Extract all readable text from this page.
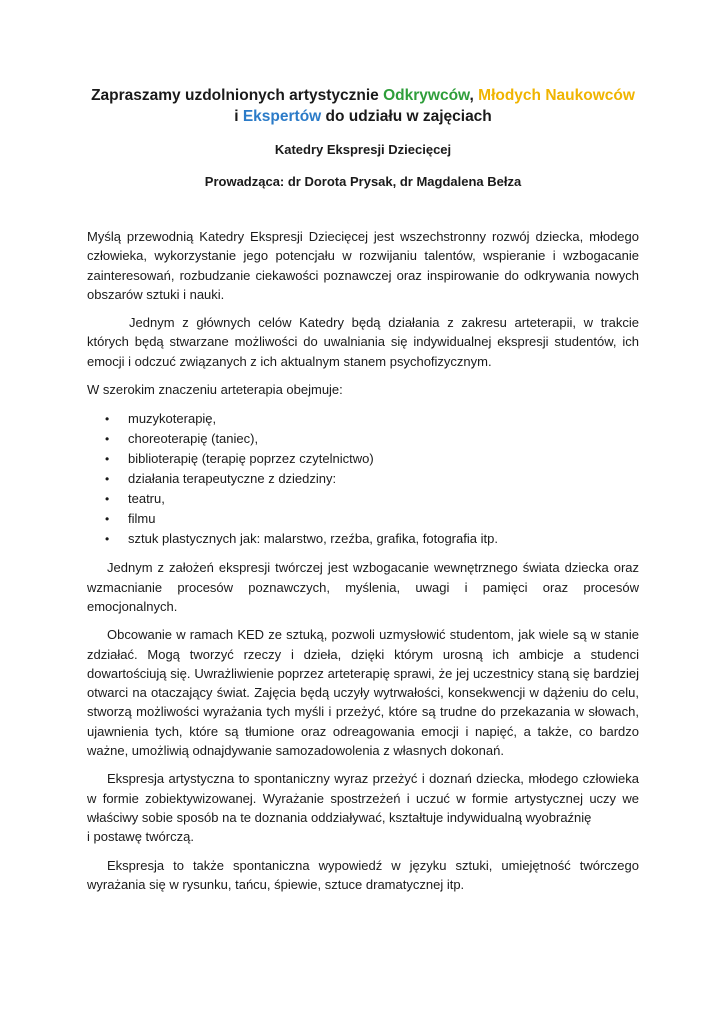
Zapraszamy uzdolnionych artystycznie Odkrywców, Młodych Naukowców
i Ekspertów do udziału w zajęciach

Katedry Ekspresji Dziecięcej

Prowadząca: dr Dorota Prysak, dr Magdalena Bełza

Myślą przewodnią Katedry Ekspresji Dziecięcej jest wszechstronny rozwój dziecka, młodego człowieka, wykorzystanie jego potencjału w rozwijaniu talentów, wspieranie i wzbogacanie zainteresowań, rozbudzanie ciekawości poznawczej oraz inspirowanie do odkrywania nowych obszarów sztuki i nauki.

Jednym z głównych celów Katedry będą działania z zakresu arteterapii, w trakcie których będą stwarzane możliwości do uwalniania się indywidualnej ekspresji studentów, ich emocji i odczuć związanych z ich aktualnym stanem psychofizycznym.

W szerokim znaczeniu arteterapia obejmuje:

• muzykoterapię,
• choreoterapię (taniec),
• biblioterapię (terapię poprzez czytelnictwo)
• działania terapeutyczne z dziedziny:
• teatru,
• filmu
• sztuk plastycznych jak: malarstwo, rzeźba, grafika, fotografia itp.

Jednym z założeń ekspresji twórczej jest wzbogacanie wewnętrznego świata dziecka oraz wzmacnianie procesów poznawczych, myślenia, uwagi i pamięci oraz procesów emocjonalnych.

Obcowanie w ramach KED ze sztuką, pozwoli uzmysłowić studentom, jak wiele są w stanie zdziałać. Mogą tworzyć rzeczy i dzieła, dzięki którym urosną ich ambicje a studenci dowartościują się. Uwrażliwienie poprzez arteterapię sprawi, że jej uczestnicy staną się bardziej otwarci na otaczający świat. Zajęcia będą uczyły wytrwałości, konsekwencji w dążeniu do celu, stworzą możliwości wyrażania tych myśli i przeżyć, które są trudne do przekazania w słowach, ujawnienia tych, które są tłumione oraz odreagowania emocji i napięć, a także, co bardzo ważne, umożliwią odnajdywanie samozadowolenia z własnych dokonań.

Ekspresja artystyczna to spontaniczny wyraz przeżyć i doznań dziecka, młodego człowieka w formie zobiektywizowanej. Wyrażanie spostrzeżeń i uczuć w formie artystycznej uczy we właściwy sobie sposób na te doznania oddziaływać, kształtuje indywidualną wyobraźnię

i postawę twórczą.

Ekspresja to także spontaniczna wypowiedź w języku sztuki, umiejętność twórczego wyrażania się w rysunku, tańcu, śpiewie, sztuce dramatycznej itp.
